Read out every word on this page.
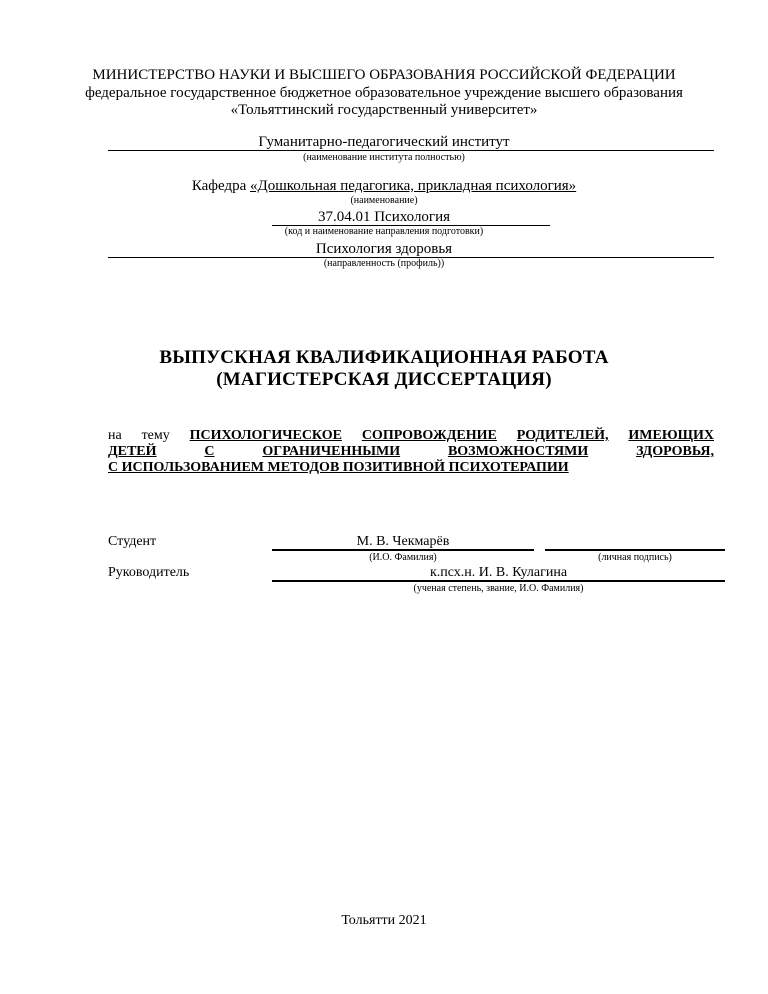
МИНИСТЕРСТВО НАУКИ И ВЫСШЕГО ОБРАЗОВАНИЯ РОССИЙСКОЙ ФЕДЕРАЦИИ
федеральное государственное бюджетное образовательное учреждение высшего образования
«Тольяттинский государственный университет»
Гуманитарно-педагогический институт
(наименование института полностью)
Кафедра «Дошкольная педагогика, прикладная психология»
(наименование)
37.04.01 Психология
(код и наименование направления подготовки)
Психология здоровья
(направленность (профиль))
ВЫПУСКНАЯ КВАЛИФИКАЦИОННАЯ РАБОТА
(МАГИСТЕРСКАЯ ДИССЕРТАЦИЯ)
на тему ПСИХОЛОГИЧЕСКОЕ СОПРОВОЖДЕНИЕ РОДИТЕЛЕЙ, ИМЕЮЩИХ
ДЕТЕЙ	С	ОГРАНИЧЕННЫМИ	ВОЗМОЖНОСТЯМИ	ЗДОРОВЬЯ,
С ИСПОЛЬЗОВАНИЕМ МЕТОДОВ ПОЗИТИВНОЙ ПСИХОТЕРАПИИ
Студент	М. В. Чекмарёв
(И.О. Фамилия)	(личная подпись)
Руководитель	к.псх.н. И. В. Кулагина
(ученая степень, звание, И.О. Фамилия)
Тольятти 2021
